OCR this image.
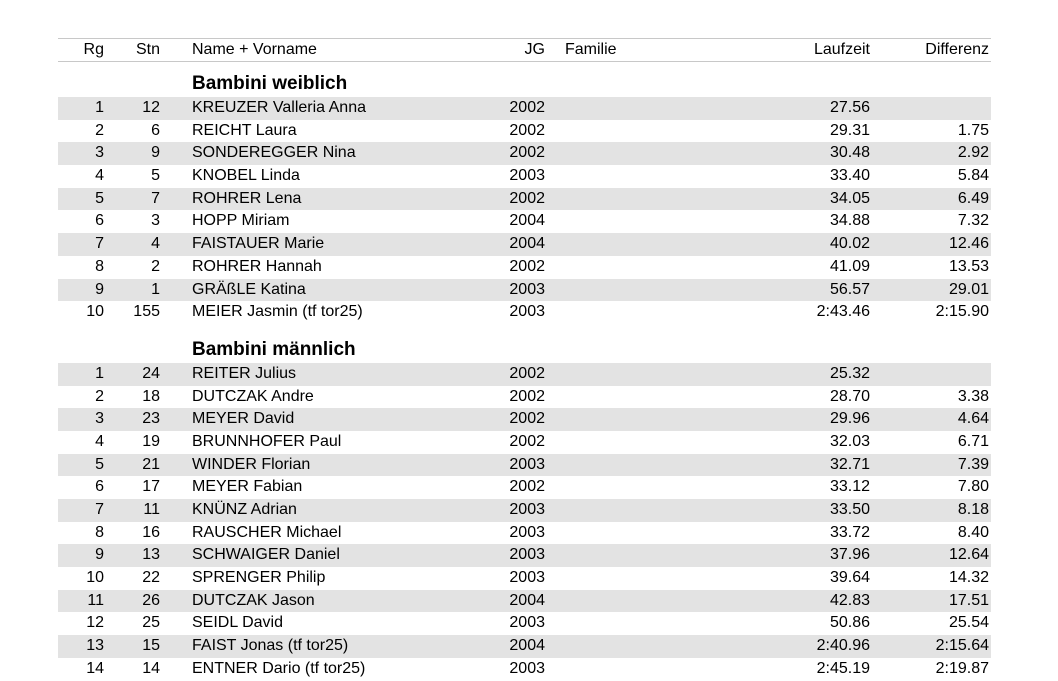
Rg	Stn Name + Vorname	JG Familie	Laufzeit	Differenz
Bambini weiblich
1	12 KREUZER Valleria Anna	2002	27.56
2	6 REICHT Laura	2002	29.31	1.75
3	9 SONDEREGGER Nina	2002	30.48	2.92
4	5 KNOBEL Linda	2003	33.40	5.84
5	7 ROHRER Lena	2002	34.05	6.49
6	3 HOPP Miriam	2004	34.88	7.32
7	4 FAISTAUER Marie	2004	40.02	12.46
8	2 ROHRER Hannah	2002	41.09	13.53
9	1 GRÄßLE Katina	2003	56.57	29.01
10	155 MEIER Jasmin (tf tor25)	2003	2:43.46	2:15.90
Bambini männlich
1	24 REITER Julius	2002	25.32
2	18 DUTCZAK Andre	2002	28.70	3.38
3	23 MEYER David	2002	29.96	4.64
4	19 BRUNNHOFER Paul	2002	32.03	6.71
5	21 WINDER Florian	2003	32.71	7.39
6	17 MEYER Fabian	2002	33.12	7.80
7	11 KNÜNZ Adrian	2003	33.50	8.18
8	16 RAUSCHER Michael	2003	33.72	8.40
9	13 SCHWAIGER Daniel	2003	37.96	12.64
10	22 SPRENGER Philip	2003	39.64	14.32
11	26 DUTCZAK Jason	2004	42.83	17.51
12	25 SEIDL David	2003	50.86	25.54
13	15 FAIST Jonas (tf tor25)	2004	2:40.96	2:15.64
14	14 ENTNER Dario (tf tor25)	2003	2:45.19	2:19.87
